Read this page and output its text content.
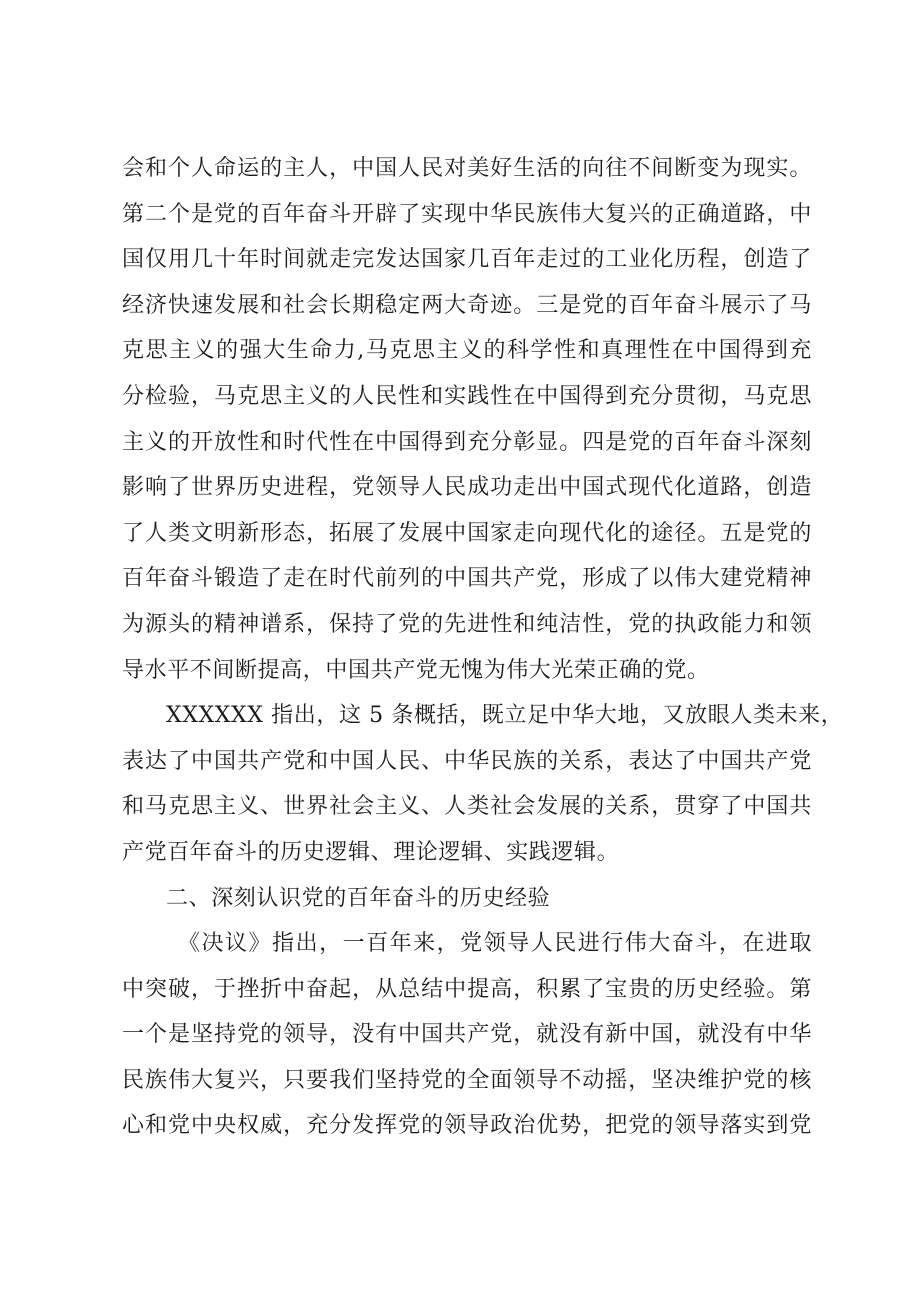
会和个人命运的主人，中国人民对美好生活的向往不间断变为现实。
第二个是党的百年奋斗开辟了实现中华民族伟大复兴的正确道路，中
国仅用几十年时间就走完发达国家几百年走过的工业化历程，创造了
经济快速发展和社会长期稳定两大奇迹。三是党的百年奋斗展示了马
克思主义的强大生命力,马克思主义的科学性和真理性在中国得到充
分检验，马克思主义的人民性和实践性在中国得到充分贯彻，马克思
主义的开放性和时代性在中国得到充分彰显。四是党的百年奋斗深刻
影响了世界历史进程，党领导人民成功走出中国式现代化道路，创造
了人类文明新形态，拓展了发展中国家走向现代化的途径。五是党的
百年奋斗锻造了走在时代前列的中国共产党，形成了以伟大建党精神
为源头的精神谱系，保持了党的先进性和纯洁性，党的执政能力和领
导水平不间断提高，中国共产党无愧为伟大光荣正确的党。
XXXXXX 指出，这 5 条概括，既立足中华大地，又放眼人类未来，
表达了中国共产党和中国人民、中华民族的关系，表达了中国共产党
和马克思主义、世界社会主义、人类社会发展的关系，贯穿了中国共
产党百年奋斗的历史逻辑、理论逻辑、实践逻辑。
二、深刻认识党的百年奋斗的历史经验
《决议》指出，一百年来，党领导人民进行伟大奋斗，在进取
中突破，于挫折中奋起，从总结中提高，积累了宝贵的历史经验。第
一个是坚持党的领导，没有中国共产党，就没有新中国，就没有中华
民族伟大复兴，只要我们坚持党的全面领导不动摇，坚决维护党的核
心和党中央权威，充分发挥党的领导政治优势，把党的领导落实到党
